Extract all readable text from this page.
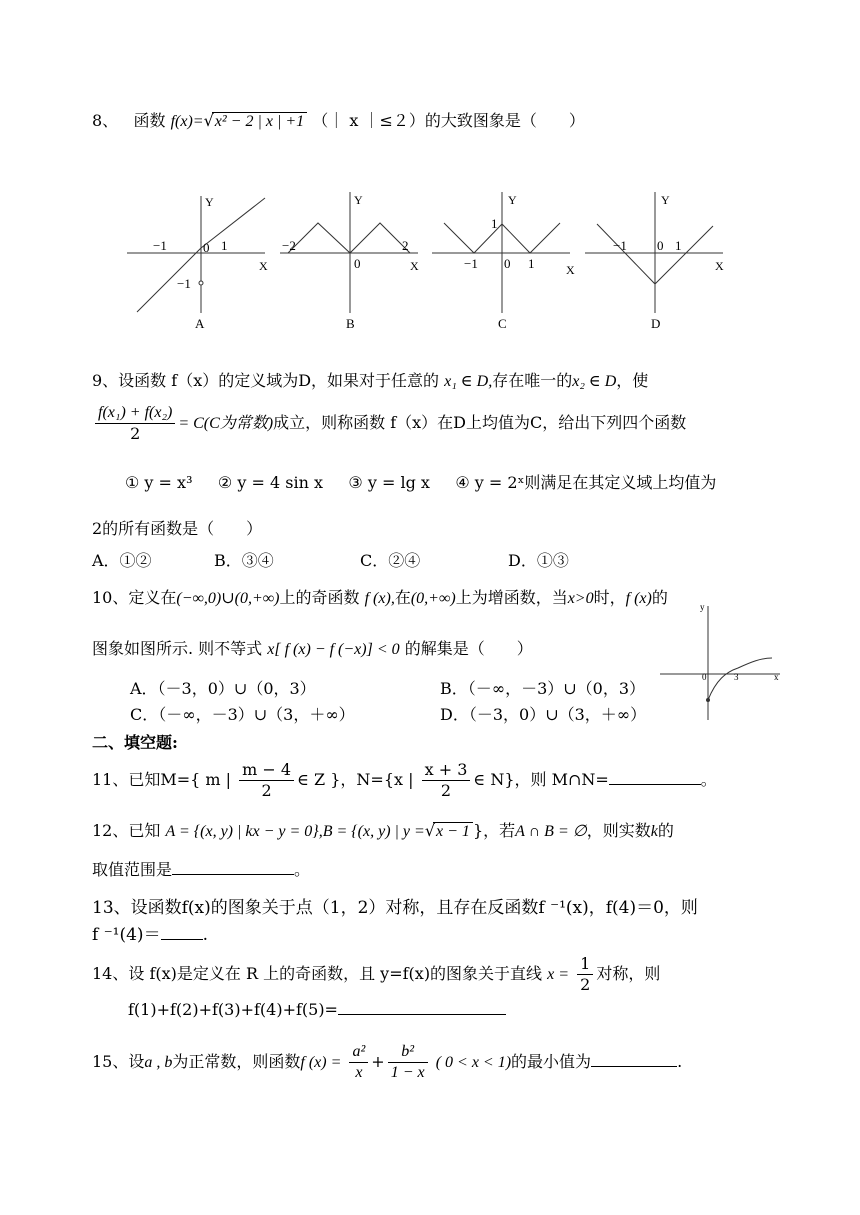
8、 函数 f(x)=√x² − 2 | x | +1 （｜ x ｜≤２）的大致图象是（　　）
Y
X
−1	0 1
−1
A
Y
X
−2
0
2
B
Y
X
1
−1 0 1
C
Y
X
−1 0 1
D
9、设函数 f（x）的定义域为D，如果对于任意的 x₁ ∈ D,存在唯一的x₂ ∈ D，使
$\frac{\text{f(x₁) + f(x₂)}}{2} = C(C$为常数)成立，则称函数 f（x）在D上均值为C，给出下列四个函数
① y = x³ ② y = 4 sin x ③ y = lg x ④ y = 2ˣ则满足在其定义域上均值为
2的所有函数是（　　）
A．①②	B．③④	C．②④	D．①③
10、定义在(−∞,0)∪(0,+∞)上的奇函数 f (x),在(0,+∞)上为增函数，当x>0时，f (x)的
图象如图所示. 则不等式 x[ f (x) − f (−x)] < 0 的解集是（　　）
A．（－3，0）∪（0，3）	B．（－∞，－3）∪（0，3）
C．（－∞，－3）∪（3，＋∞）	D．（－3，0）∪（3，＋∞）
y
x
0	3
二、填空题:
11、已知M={ m | $\frac{m - 4}{2}$ ∈ Z }，N={x | $\frac{x + 3}{2}$ ∈ N}，则 M∩N=	。
12、已知 A = {(x, y) | kx − y = 0},B = {(x, y) | y =√x − 1 }，若A ∩ B = ∅，则实数k的
取值范围是	。
13、设函数f(x)的图象关于点（1，2）对称，且存在反函数f ⁻¹(x)，f(4)＝0，则
f ⁻¹(4)＝ .
14、设 f(x)是定义在 R 上的奇函数，且 y=f(x)的图象关于直线 $x = \frac{1}{2}$ 对称，则
f(1)+f(2)+f(3)+f(4)+f(5)=
15、设a , b为正常数，则函数f $(x) = \frac{\text{a²}}{x} + \frac{\text{b²}}{1 - x}$ ( 0 < x < 1)的最小值为	.
